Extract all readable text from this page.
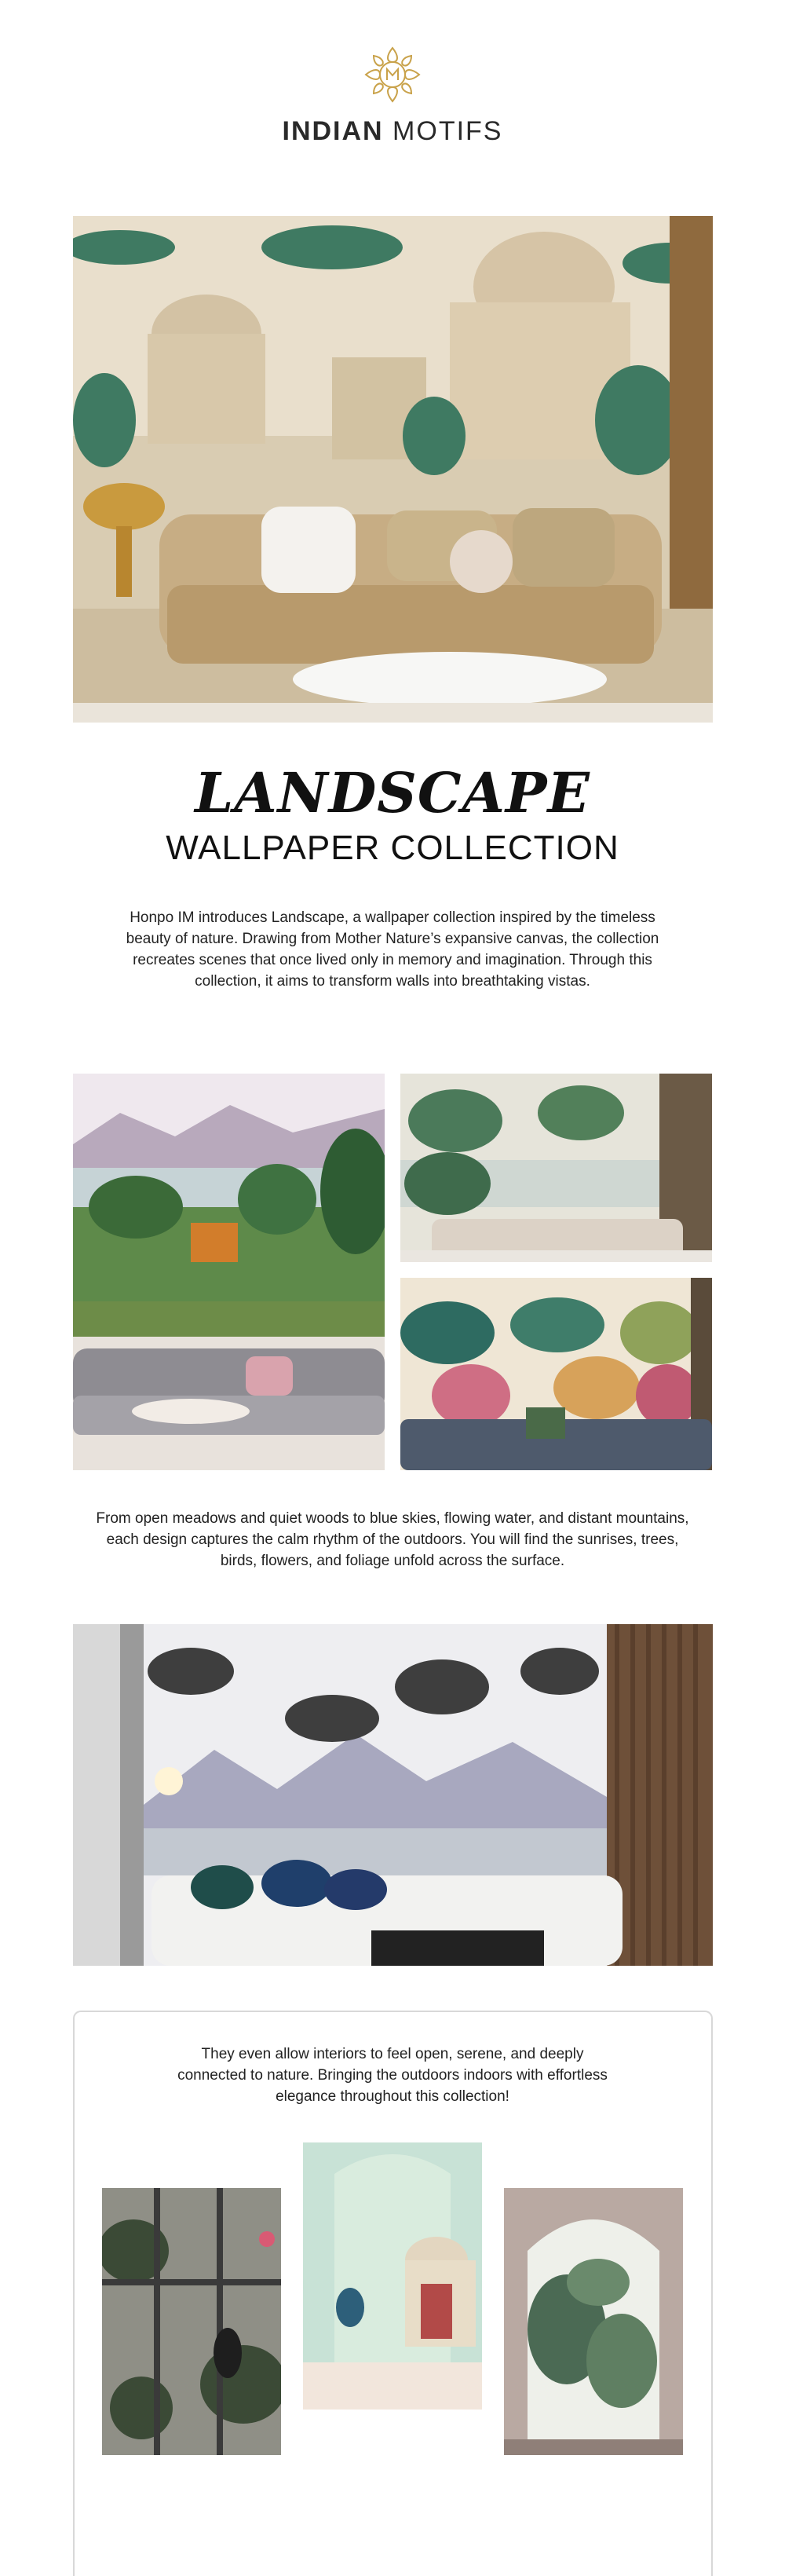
INDIAN MOTIFS
LANDSCAPE
WALLPAPER COLLECTION
Honpo IM introduces Landscape, a wallpaper collection inspired by the timeless beauty of nature. Drawing from Mother Nature’s expansive canvas, the collection recreates scenes that once lived only in memory and imagination. Through this collection, it aims to transform walls into breathtaking vistas.
From open meadows and quiet woods to blue skies, flowing water, and distant mountains, each design captures the calm rhythm of the outdoors. You will find the sunrises, trees, birds, flowers, and foliage unfold across the surface.
They even allow interiors to feel open, serene, and deeply connected to nature. Bringing the outdoors indoors with effortless elegance throughout this collection!
